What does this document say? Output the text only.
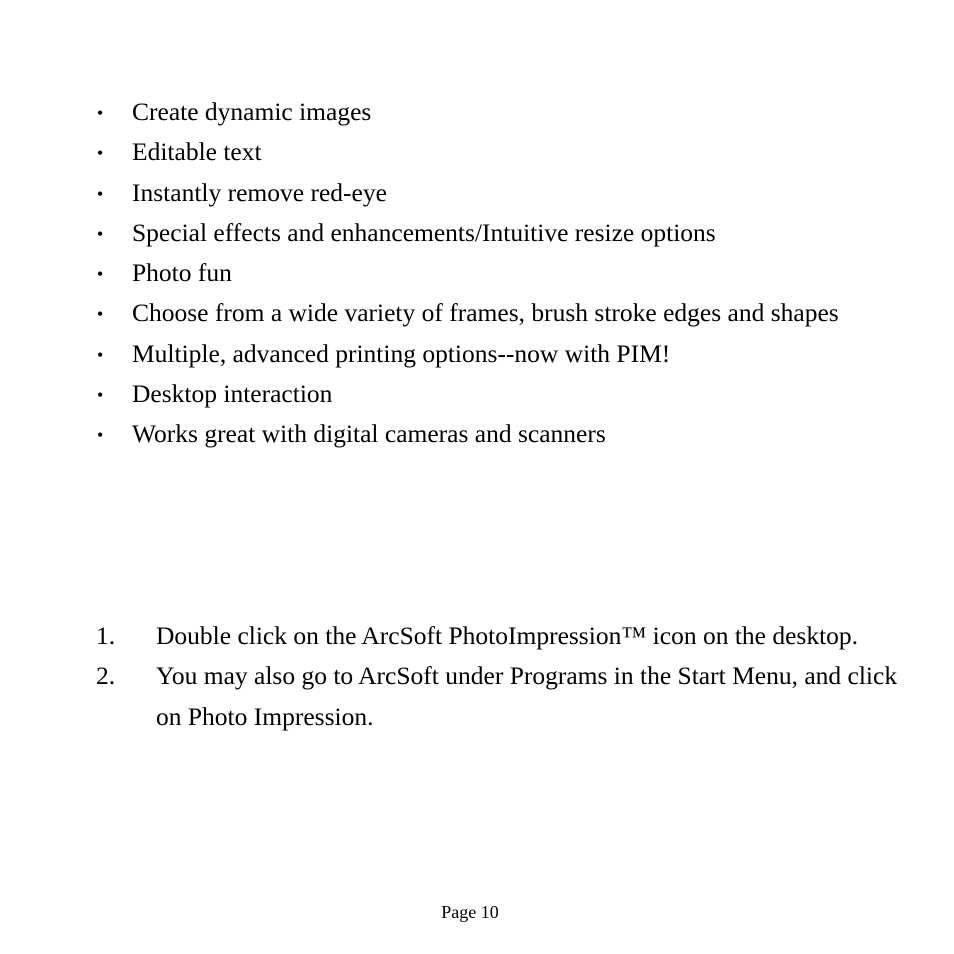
• Create dynamic images
• Editable text
• Instantly remove red-eye
• Special effects and enhancements/Intuitive resize options
• Photo fun
• Choose from a wide variety of frames, brush stroke edges and shapes
• Multiple, advanced printing options--now with PIM!
• Desktop interaction
• Works great with digital cameras and scanners
1. Double click on the ArcSoft PhotoImpression™ icon on the desktop.
2. You may also go to ArcSoft under Programs in the Start Menu, and click on Photo Impression.
Page 10
